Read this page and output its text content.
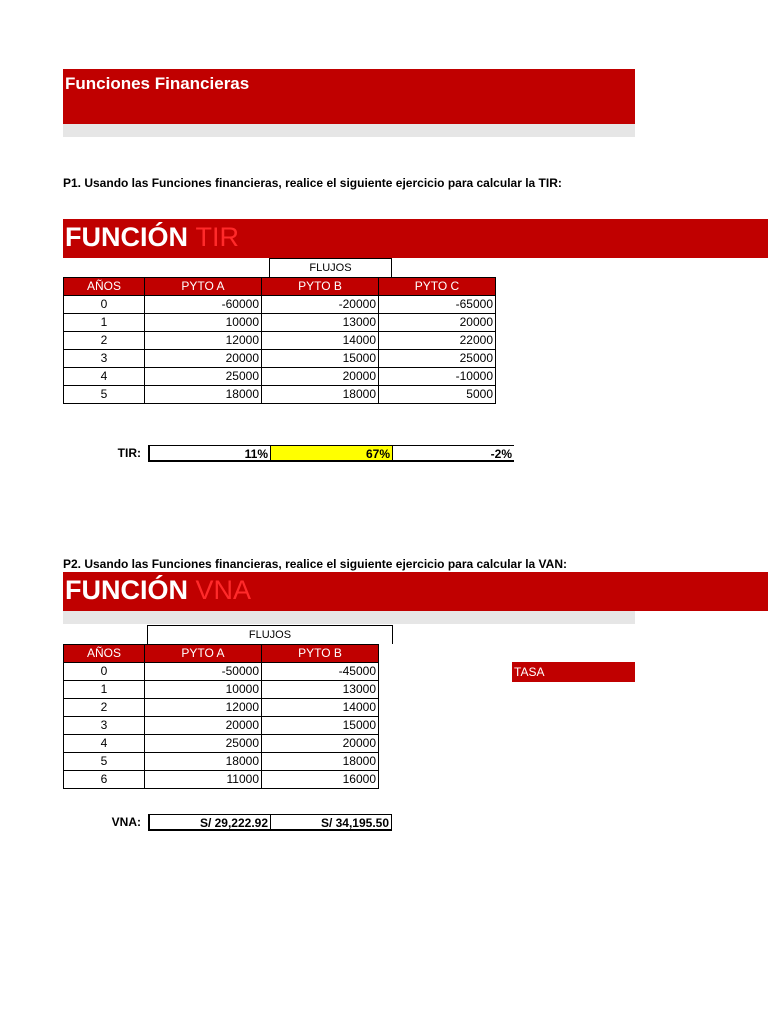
Funciones Financieras
P1. Usando las Funciones financieras, realice el siguiente ejercicio para calcular la TIR:
FUNCIÓN TIR
FLUJOS
AÑOS	PYTO A	PYTO B	PYTO C
0	-60000	-20000	-65000
1	10000	13000	20000
2	12000	14000	22000
3	20000	15000	25000
4	25000	20000	-10000
5	18000	18000	5000
TIR:	11%	67%	-2%
P2. Usando las Funciones financieras, realice el siguiente ejercicio para calcular la VAN:
FUNCIÓN VNA
FLUJOS
AÑOS	PYTO A	PYTO B
0	-50000	-45000
1	10000	13000
2	12000	14000
3	20000	15000
4	25000	20000
5	18000	18000
6	11000	16000
TASA
VNA:	S/ 29,222.92	S/ 34,195.50
